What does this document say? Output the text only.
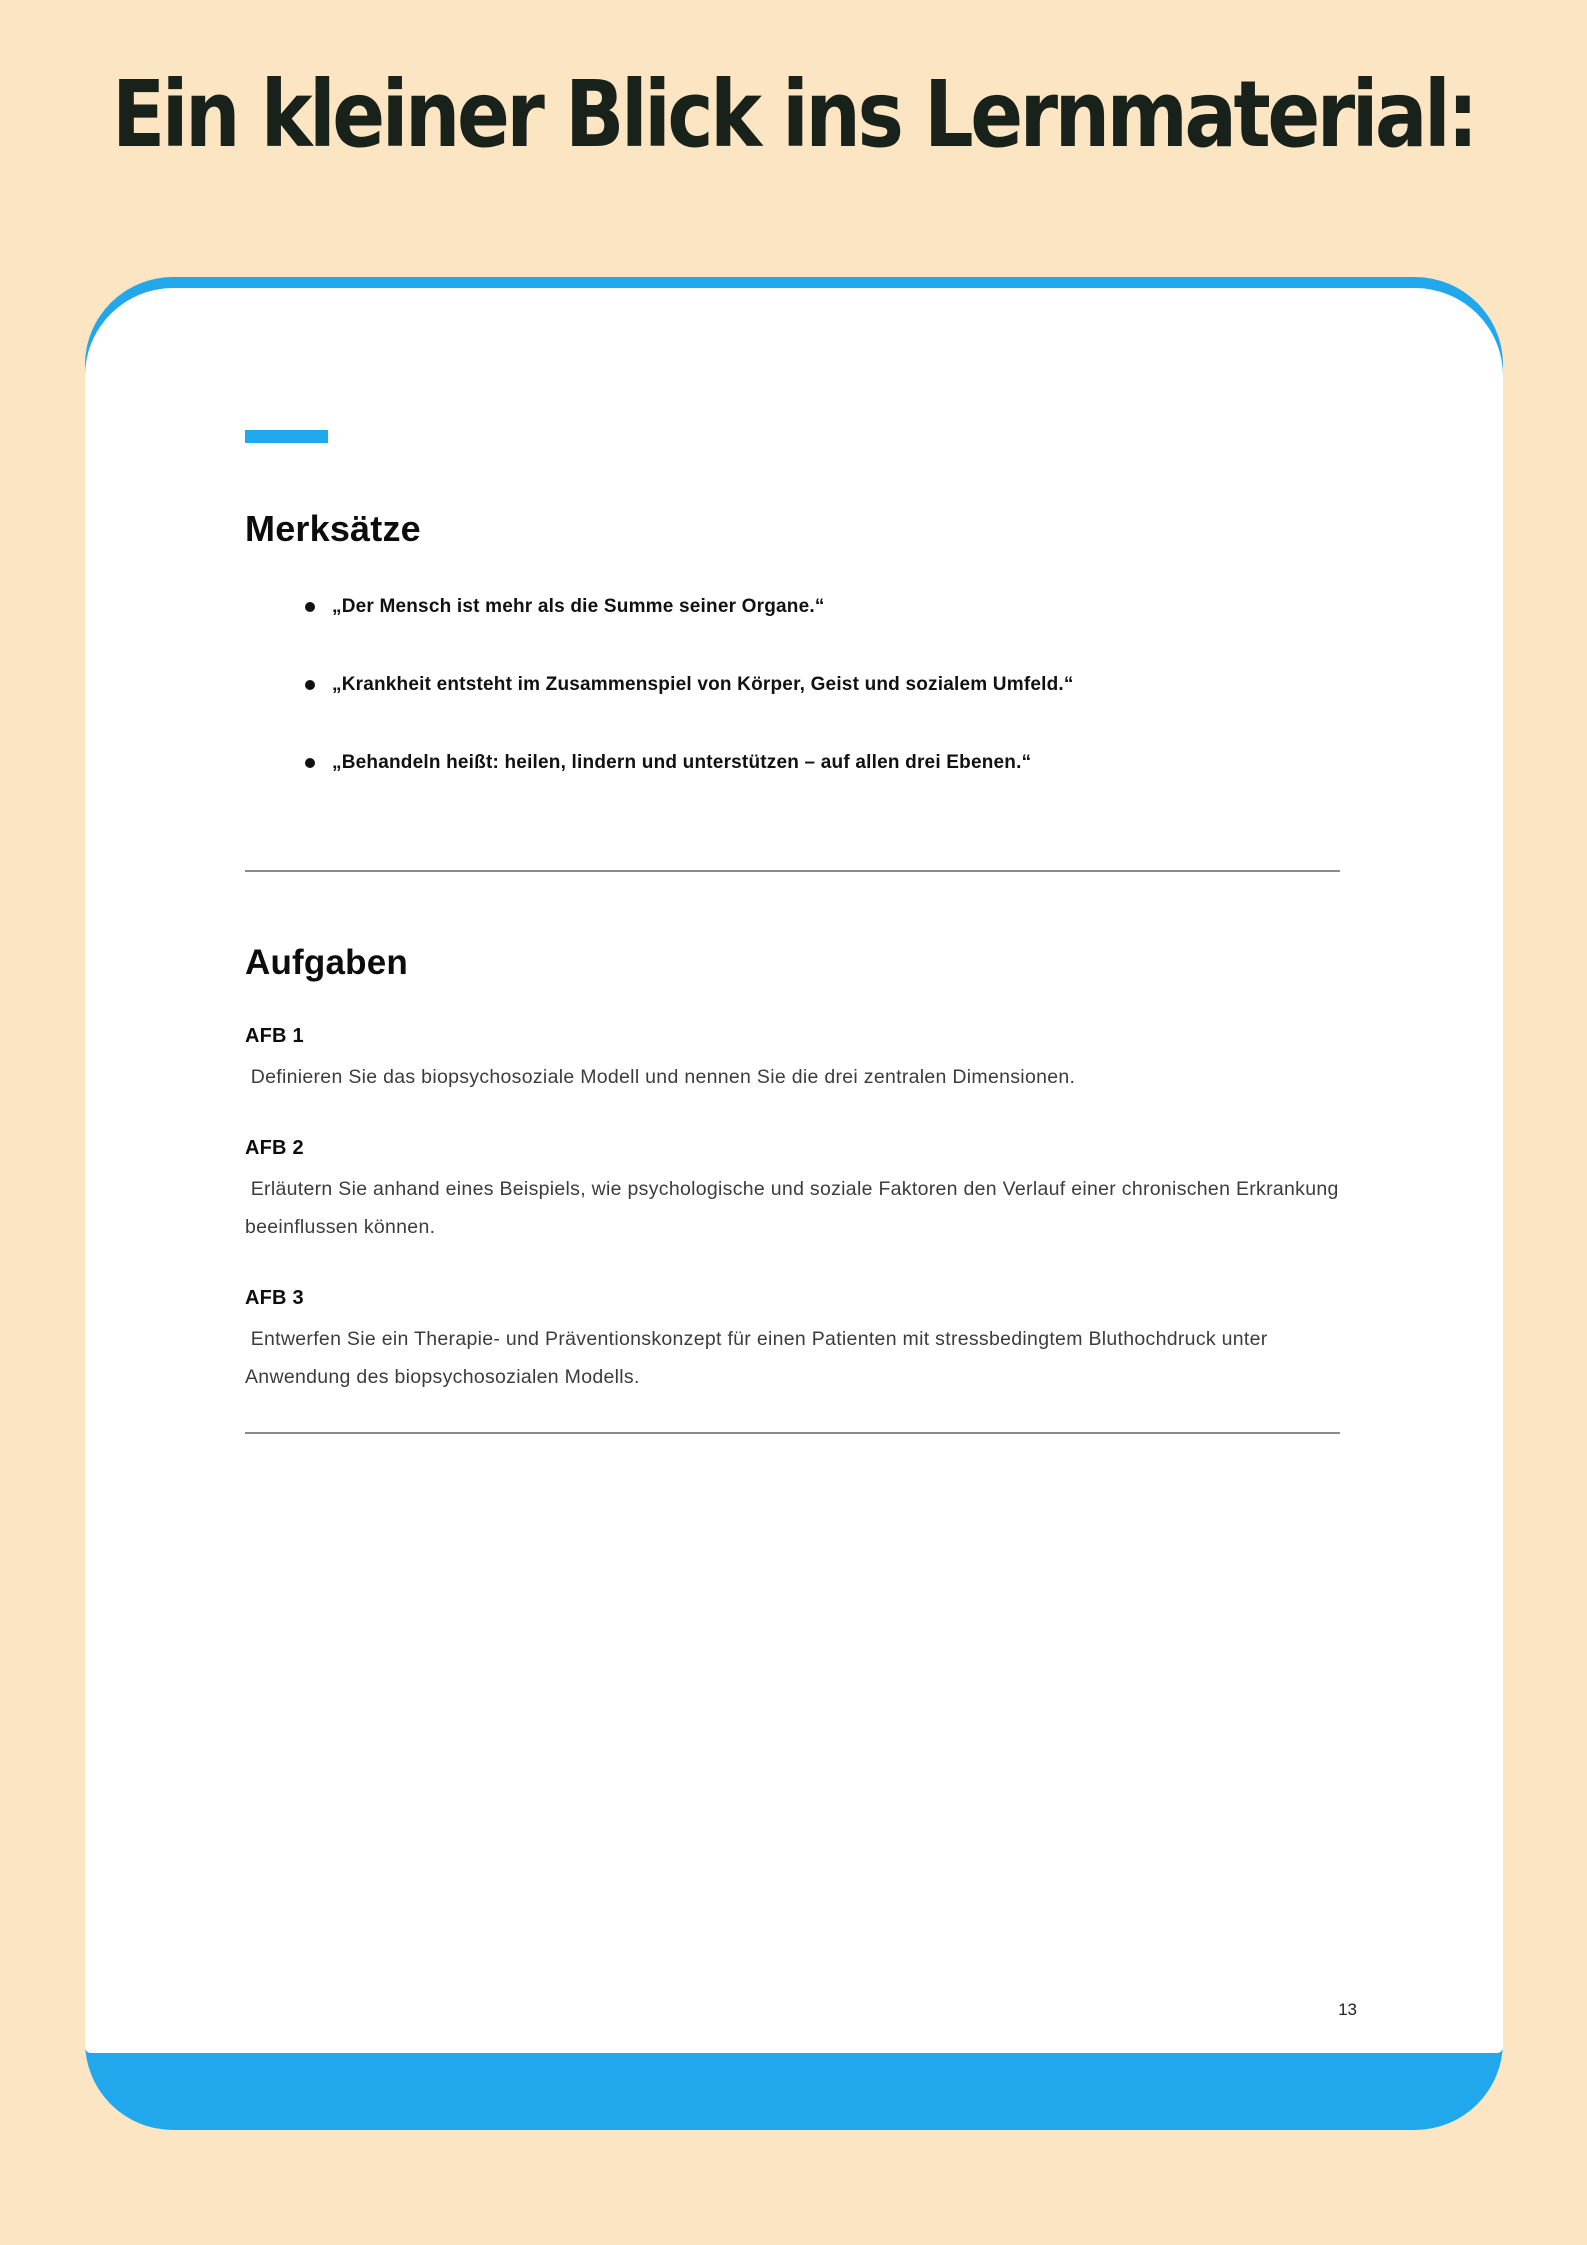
Ein kleiner Blick ins Lernmaterial:
Merksätze
„Der Mensch ist mehr als die Summe seiner Organe.“
„Krankheit entsteht im Zusammenspiel von Körper, Geist und sozialem Umfeld.“
„Behandeln heißt: heilen, lindern und unterstützen – auf allen drei Ebenen.“
Aufgaben
AFB 1

Definieren Sie das biopsychosoziale Modell und nennen Sie die drei zentralen Dimensionen.

AFB 2

Erläutern Sie anhand eines Beispiels, wie psychologische und soziale Faktoren den Verlauf einer chronischen Erkrankung beeinflussen können.

AFB 3

Entwerfen Sie ein Therapie- und Präventionskonzept für einen Patienten mit stressbedingtem Bluthochdruck unter Anwendung des biopsychosozialen Modells.

13
